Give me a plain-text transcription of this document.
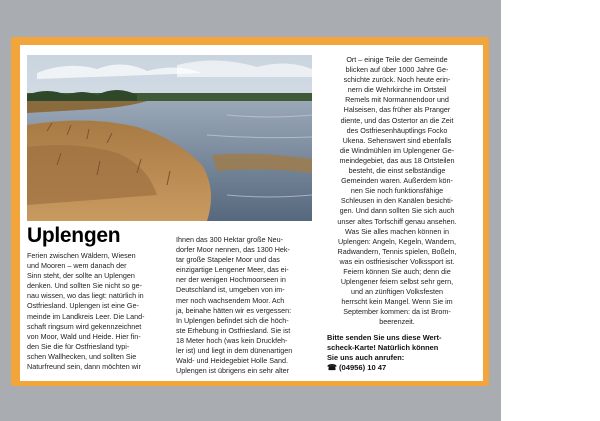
Uplengen
Ferien zwischen Wäldern, Wiesen
und Mooren – wem danach der
Sinn steht, der sollte an Uplengen
denken. Und sollten Sie nicht so ge-
nau wissen, wo das liegt: natürlich in
Ostfriesland. Uplengen ist eine Ge-
meinde im Landkreis Leer. Die Land-
schaft ringsum wird gekennzeichnet
von Moor, Wald und Heide. Hier fin-
den Sie die für Ostfriesland typi-
schen Wallhecken, und sollten Sie
Naturfreund sein, dann möchten wir
Ihnen das 300 Hektar große Neu-
dorfer Moor nennen, das 1300 Hek-
tar große Stapeler Moor und das
einzigartige Lengener Meer, das ei-
ner der wenigen Hochmoorseen in
Deutschland ist, umgeben von im-
mer noch wachsendem Moor. Ach
ja, beinahe hätten wir es vergessen:
In Uplengen befindet sich die höch-
ste Erhebung in Ostfriesland. Sie ist
18 Meter hoch (was kein Druckfeh-
ler ist) und liegt in dem dünenartigen
Wald- und Heidegebiet Holle Sand.
Uplengen ist übrigens ein sehr alter
Ort – einige Teile der Gemeinde
blicken auf über 1000 Jahre Ge-
schichte zurück. Noch heute erin-
nern die Wehrkirche im Ortsteil
Remels mit Normannendoor und
Halseisen, das früher als Pranger
diente, und das Ostertor an die Zeit
des Ostfriesenhäuptlings Focko
Ukena. Sehenswert sind ebenfalls
die Windmühlen im Uplengener Ge-
meindegebiet, das aus 18 Ortsteilen
besteht, die einst selbständige
Gemeinden waren. Außerdem kön-
nen Sie noch funktionsfähige
Schleusen in den Kanälen besichti-
gen. Und dann sollten Sie sich auch
unser altes Torfschiff genau ansehen.
Was Sie alles machen können in
Uplengen: Angeln, Kegeln, Wandern,
Radwandern, Tennis spielen, Boßeln,
was ein ostfriesischer Volkssport ist.
Feiern können Sie auch; denn die
Uplengener feiern selbst sehr gern,
und an zünftigen Volksfesten
herrscht kein Mangel. Wenn Sie im
September kommen: da ist Brom-
beerenzeit.
Bitte senden Sie uns diese Wert-
scheck-Karte! Natürlich können
Sie uns auch anrufen:
☎ (04956) 10 47
